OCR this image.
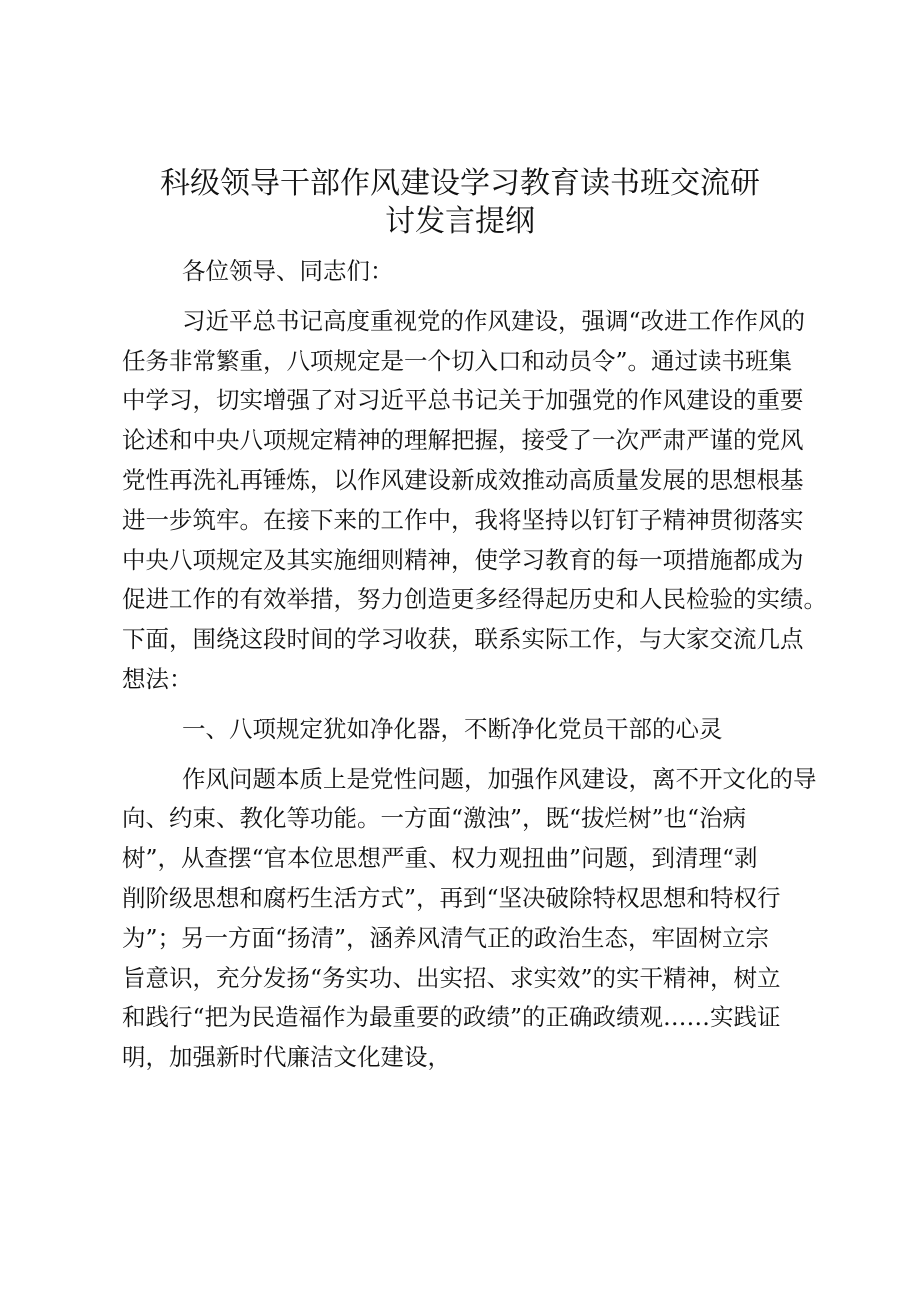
科级领导干部作风建设学习教育读书班交流研
讨发言提纲

各位领导、同志们：

习近平总书记高度重视党的作风建设，强调“改进工作作风的
任务非常繁重，八项规定是一个切入口和动员令”。通过读书班集
中学习，切实增强了对习近平总书记关于加强党的作风建设的重要
论述和中央八项规定精神的理解把握，接受了一次严肃严谨的党风
党性再洗礼再锤炼，以作风建设新成效推动高质量发展的思想根基
进一步筑牢。在接下来的工作中，我将坚持以钉钉子精神贯彻落实
中央八项规定及其实施细则精神，使学习教育的每一项措施都成为
促进工作的有效举措，努力创造更多经得起历史和人民检验的实绩。
下面，围绕这段时间的学习收获，联系实际工作，与大家交流几点
想法：

一、八项规定犹如净化器，不断净化党员干部的心灵

作风问题本质上是党性问题，加强作风建设，离不开文化的导
向、约束、教化等功能。一方面“激浊”，既“拔烂树”也“治病
树”，从查摆“官本位思想严重、权力观扭曲”问题，到清理“剥
削阶级思想和腐朽生活方式”，再到“坚决破除特权思想和特权行
为”；另一方面“扬清”，涵养风清气正的政治生态，牢固树立宗
旨意识，充分发扬“务实功、出实招、求实效”的实干精神，树立
和践行“把为民造福作为最重要的政绩”的正确政绩观……实践证
明，加强新时代廉洁文化建设，
